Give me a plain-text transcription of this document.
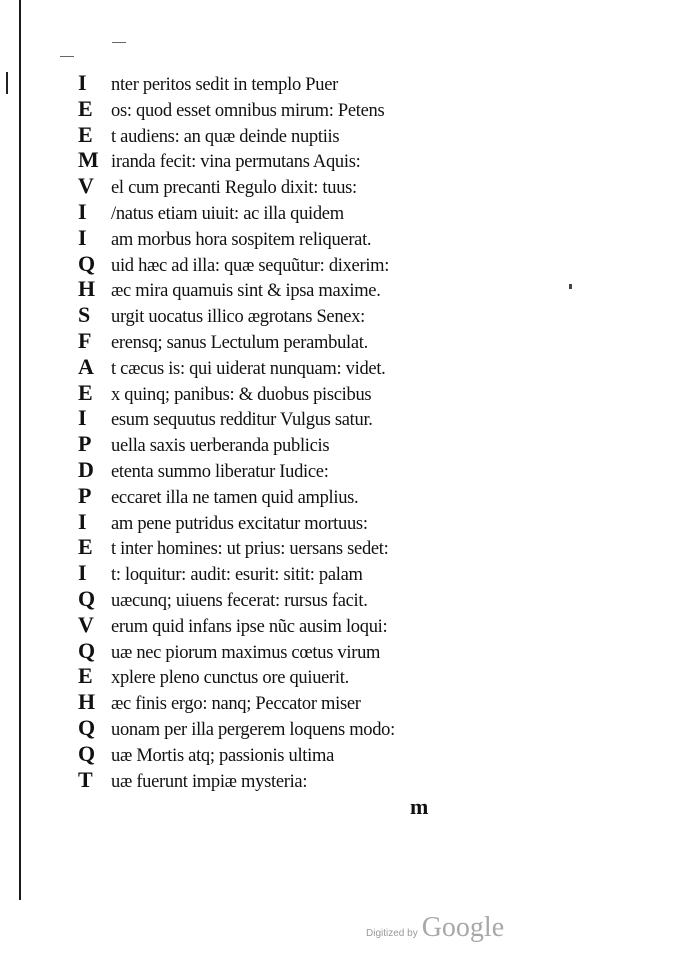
I	nter peritos sedit in templo Puer
E os: quod esset omnibus mirum: Petens
E t audiens: an quæ deinde nuptiis
M iranda fecit: vina permutans Aquis:
V el cum precanti Regulo dixit: tuus:
I	/natus etiam uiuit: ac illa quidem
I	am morbus hora sospitem reliquerat.
Q uid hæc ad illa: quæ sequũtur: dixerim:
H æc mira quamuis sint & ipsa maxime.
S	urgit uocatus illico ægrotans Senex:
F	erensq; sanus Lectulum perambulat.
A t cæcus is: qui uiderat nunquam: videt.
E x quinq; panibus: & duobus piscibus
I	esum sequutus redditur Vulgus satur.
P	uella saxis uerberanda publicis
D etenta summo liberatur Iudice:
P	eccaret illa ne tamen quid amplius.
I	am pene putridus excitatur mortuus:
E t inter homines: ut prius: uersans sedet:
I	t: loquitur: audit: esurit: sitit: palam
Q uæcunq; uiuens fecerat: rursus facit.
V erum quid infans ipse nũc ausim loqui:
Q uæ nec piorum maximus cœtus virum
E xplere pleno cunctus ore quiuerit.
H æc finis ergo: nanq; Peccator miser
Q uonam per illa pergerem loquens modo:
Q uæ Mortis atq; passionis ultima
T uæ fuerunt impiæ mysteria:
m
Digitized by Google
